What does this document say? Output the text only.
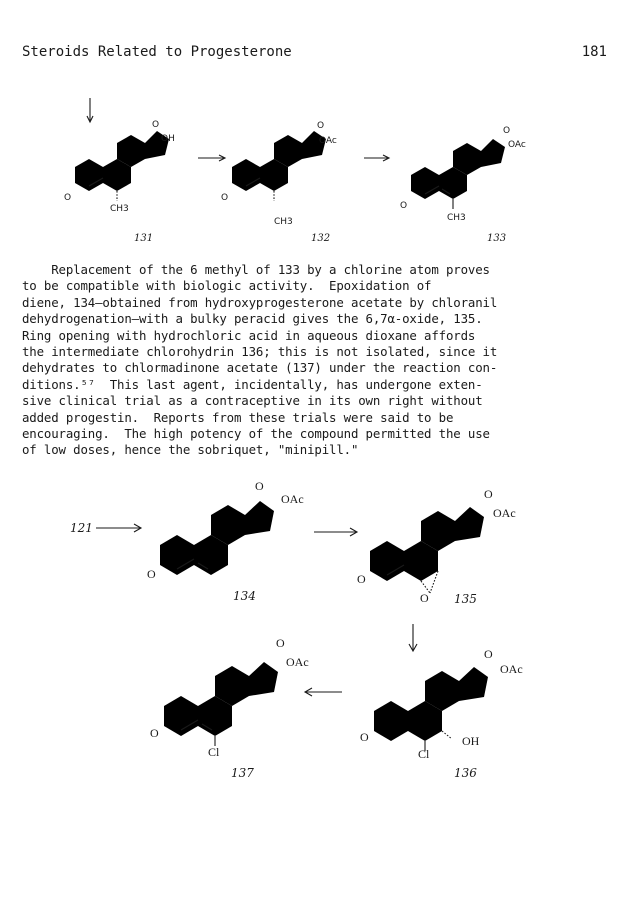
Steroids Related to Progesterone	181
O
OH
O
CH3
131
O
OAc
O
CH3
132
O
OAc
O
CH3
133
121
O
OAc
O
134
O
OAc
O
O 135
O
OAc
O
Cl
OH
136
O
OAc
O
Cl
137

Replacement of the 6 methyl of 133 by a chlorine atom proves

to be compatible with biologic activity.  Epoxidation of

diene, 134—obtained from hydroxyprogesterone acetate by chloranil

dehydrogenation—with a bulky peracid gives the 6,7α-oxide, 135.

Ring opening with hydrochloric acid in aqueous dioxane affords

the intermediate chlorohydrin 136; this is not isolated, since it

dehydrates to chlormadinone acetate (137) under the reaction con-

ditions.⁵⁷  This last agent, incidentally, has undergone exten-

sive clinical trial as a contraceptive in its own right without

added progestin.  Reports from these trials were said to be

encouraging.  The high potency of the compound permitted the use

of low doses, hence the sobriquet, "minipill."
